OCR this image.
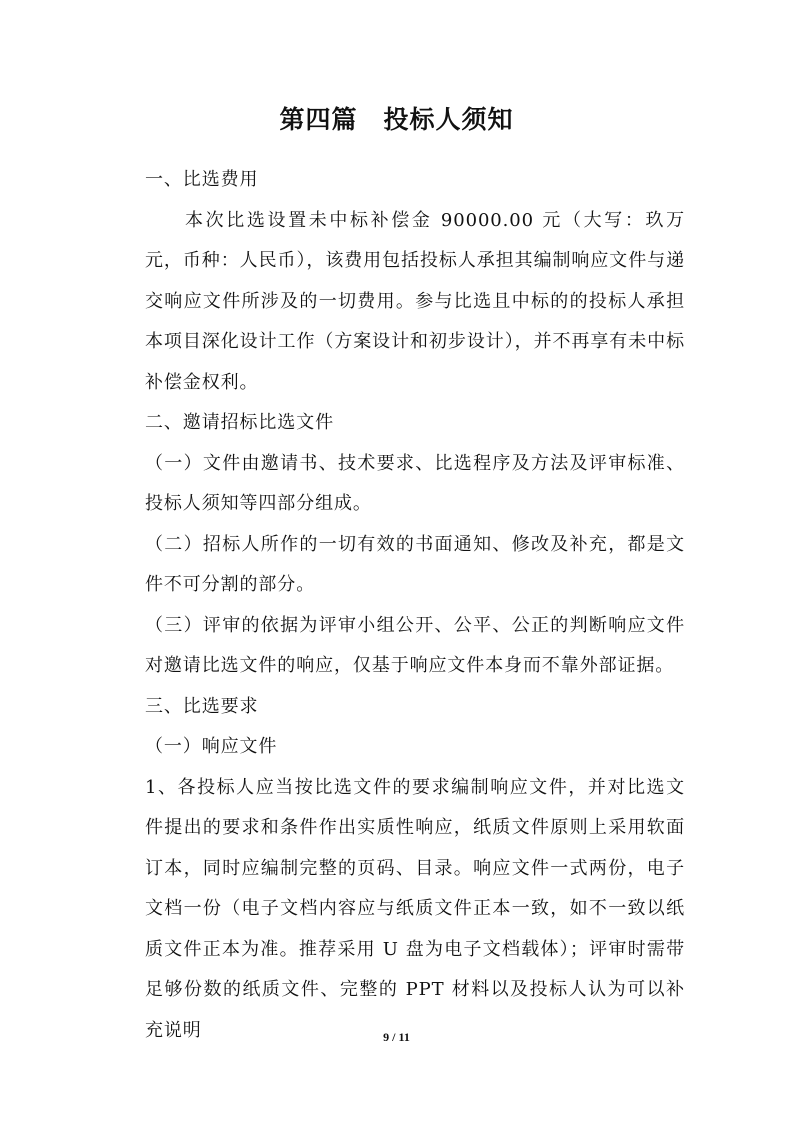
第四篇　投标人须知

一、比选费用

本次比选设置未中标补偿金 90000.00 元（大写：玖万元，币种：人民币），该费用包括投标人承担其编制响应文件与递交响应文件所涉及的一切费用。参与比选且中标的的投标人承担本项目深化设计工作（方案设计和初步设计），并不再享有未中标补偿金权利。

二、邀请招标比选文件

（一）文件由邀请书、技术要求、比选程序及方法及评审标准、投标人须知等四部分组成。

（二）招标人所作的一切有效的书面通知、修改及补充，都是文件不可分割的部分。

（三）评审的依据为评审小组公开、公平、公正的判断响应文件对邀请比选文件的响应，仅基于响应文件本身而不靠外部证据。

三、比选要求

（一）响应文件

1、各投标人应当按比选文件的要求编制响应文件，并对比选文件提出的要求和条件作出实质性响应，纸质文件原则上采用软面订本，同时应编制完整的页码、目录。响应文件一式两份，电子文档一份（电子文档内容应与纸质文件正本一致，如不一致以纸质文件正本为准。推荐采用 U 盘为电子文档载体）；评审时需带足够份数的纸质文件、完整的 PPT 材料以及投标人认为可以补充说明	9 / 11
